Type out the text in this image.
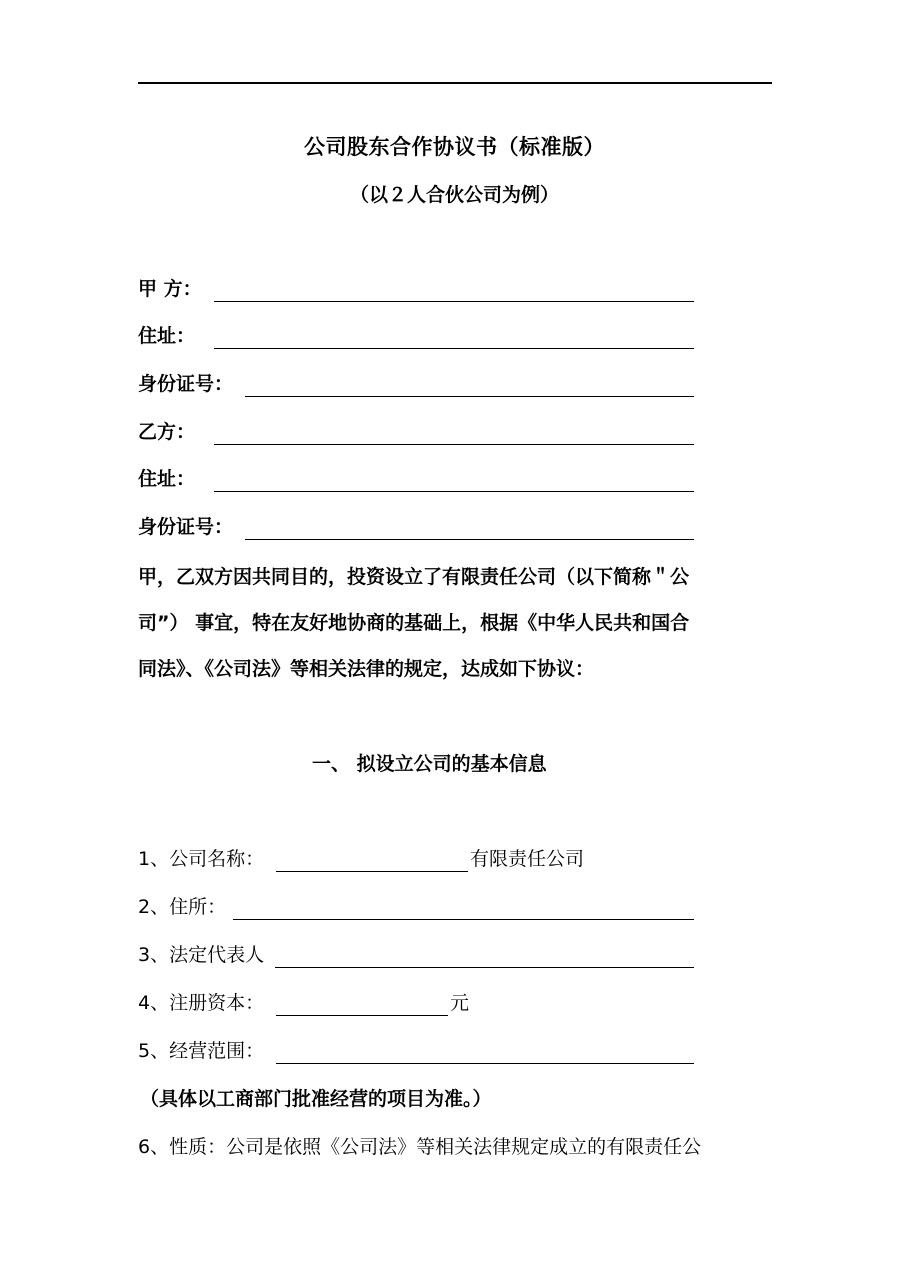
公司股东合作协议书（标准版）
（以２人合伙公司为例）
甲 方：
住址：
身份证号：
乙方：
住址：
身份证号：

甲，乙双方因共同目的，投资设立了有限责任公司（以下简称＂公

司”） 事宜，特在友好地协商的基础上，根据《中华人民共和国合

同法》、《公司法》等相关法律的规定，达成如下协议：

一、 拟设立公司的基本信息
1、公司名称：	有限责任公司
2、住所：
3、法定代表人
4、注册资本：	元
5、经营范围：
（具体以工商部门批准经营的项目为准。）
6、性质：公司是依照《公司法》等相关法律规定成立的有限责任公
